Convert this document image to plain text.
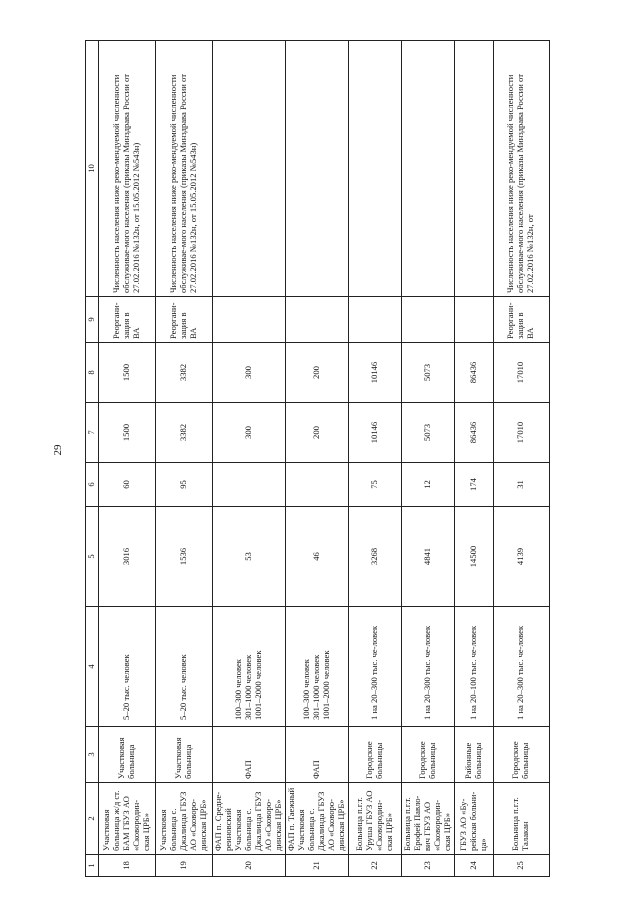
29
1	2	3	4	5	6	7	8	9	10
18	Участковая больница ж/д ст. БАМ ГБУЗ АО «Сковородин-ская ЦРБ»	Участковая больница	5–20 тыс. человек	3016	60	1500	1500	Реоргани-зация в ВА	Численность населения ниже реко-мендуемой численности обслуживае-мого населения (приказы Минздрава России от 27.02.2016 №132н, от 15.05.2012 №543н)
19	Участковая больница с. Джалинда ГБУЗ АО «Сковоро-динская ЦРБ»	Участковая больница	5–20 тыс. человек	1536	95	3382	3382	Реоргани-зация в ВА	Численность населения ниже реко-мендуемой численности обслуживае-мого населения (приказы Минздрава России от 27.02.2016 №132н, от 15.05.2012 №543н)
20	ФАП п. Средне-реиновский Участковая больница с. Джалинда ГБУЗ АО «Сковоро-динская ЦРБ»	ФАП	100–300 человек
301–1000 человек
1001–2000 человек	53		300	300		
21	ФАП п. Таежный Участковая больница с. Джалинда ГБУЗ АО «Сковоро-динская ЦРБ»	ФАП	100–300 человек
301–1000 человек
1001–2000 человек	46		200	200		
22	Больница п.г.т. Уруша ГБУЗ АО «Сковородин-ская ЦРБ»	Городские больницы	1 на 20–300 тыс. че-ловек	3268	75	10146	10146		
23	Больница п.г.т. Ерофей Павло-вич ГБУЗ АО «Сковородин-ская ЦРБ»	Городские больницы	1 на 20–300 тыс. че-ловек	4841	12	5073	5073		
24	ГБУЗ АО «Бу-рейская больни-ца»	Районные больницы	1 на 20–100 тыс. че-ловек	14500	174	86436	86436		
25	Больница п.г.т. Талакан	Городские больницы	1 на 20–300 тыс. че-ловек	4139	31	17010	17010	Реоргани-зация в ВА	Численность населения ниже реко-мендуемой численности обслуживае-мого населения (приказы Минздрава России от 27.02.2016 №132н, от
